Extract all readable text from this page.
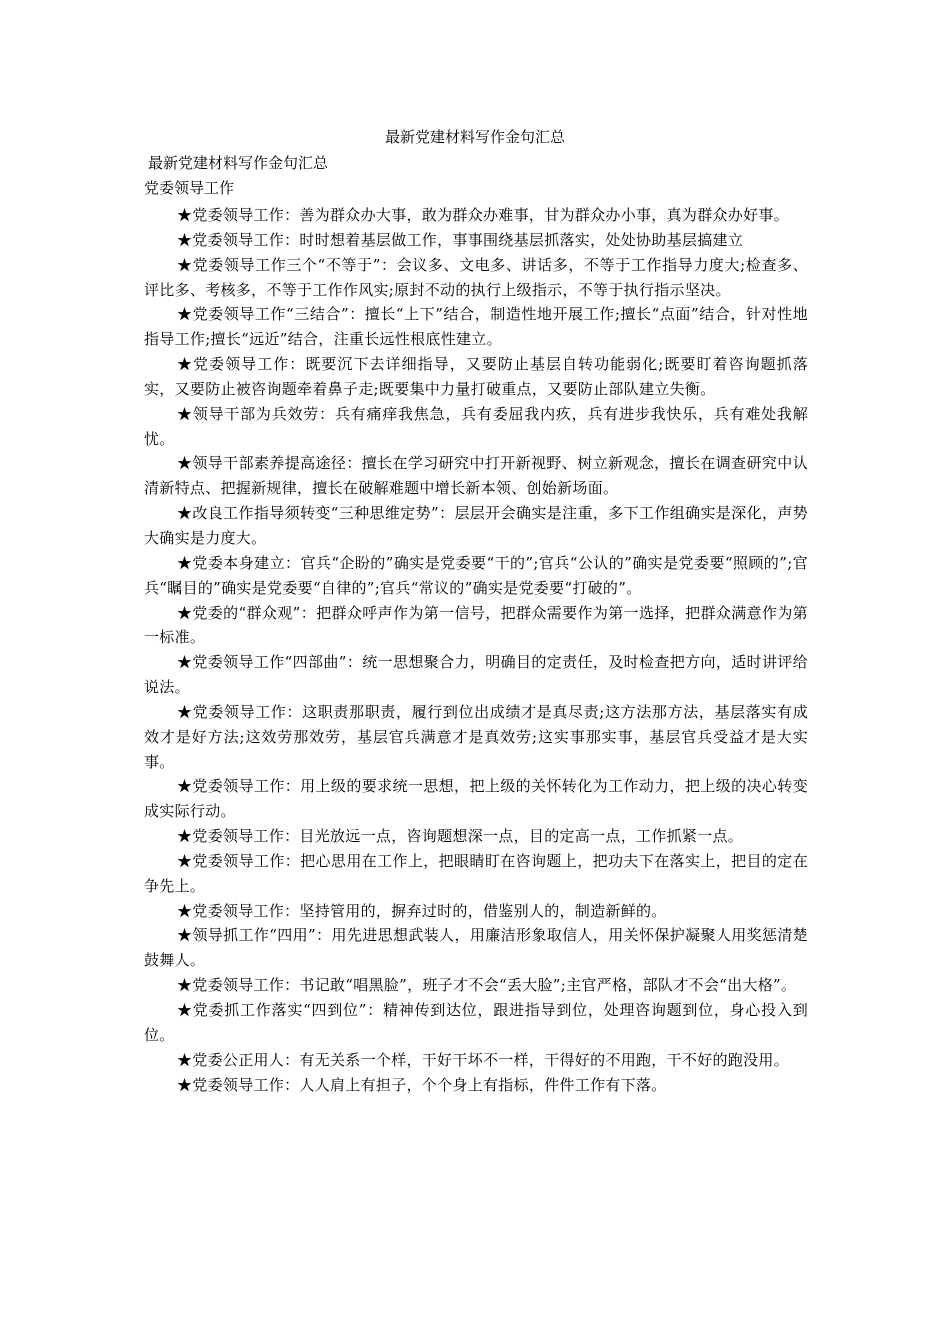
最新党建材料写作金句汇总
最新党建材料写作金句汇总
党委领导工作

★党委领导工作：善为群众办大事，敢为群众办难事，甘为群众办小事，真为群众办好事。

★党委领导工作：时时想着基层做工作，事事围绕基层抓落实，处处协助基层搞建立

★党委领导工作三个“不等于”：会议多、文电多、讲话多，不等于工作指导力度大;检查多、评比多、考核多，不等于工作作风实;原封不动的执行上级指示，不等于执行指示坚决。

★党委领导工作“三结合”：擅长“上下”结合，制造性地开展工作;擅长“点面”结合，针对性地指导工作;擅长“远近”结合，注重长远性根底性建立。

★党委领导工作：既要沉下去详细指导，又要防止基层自转功能弱化;既要盯着咨询题抓落实，又要防止被咨询题牵着鼻子走;既要集中力量打破重点，又要防止部队建立失衡。

★领导干部为兵效劳：兵有痛痒我焦急，兵有委屈我内疚，兵有进步我快乐，兵有难处我解忧。

★领导干部素养提高途径：擅长在学习研究中打开新视野、树立新观念，擅长在调查研究中认清新特点、把握新规律，擅长在破解难题中增长新本领、创始新场面。

★改良工作指导须转变“三种思维定势”：层层开会确实是注重，多下工作组确实是深化，声势大确实是力度大。

★党委本身建立：官兵“企盼的”确实是党委要“干的”;官兵“公认的”确实是党委要“照顾的”;官兵“瞩目的”确实是党委要“自律的”;官兵“常议的”确实是党委要“打破的”。

★党委的“群众观”：把群众呼声作为第一信号，把群众需要作为第一选择，把群众满意作为第一标准。

★党委领导工作“四部曲”：统一思想聚合力，明确目的定责任，及时检查把方向，适时讲评给说法。

★党委领导工作：这职责那职责，履行到位出成绩才是真尽责;这方法那方法，基层落实有成效才是好方法;这效劳那效劳，基层官兵满意才是真效劳;这实事那实事，基层官兵受益才是大实事。

★党委领导工作：用上级的要求统一思想，把上级的关怀转化为工作动力，把上级的决心转变成实际行动。

★党委领导工作：目光放远一点，咨询题想深一点，目的定高一点，工作抓紧一点。

★党委领导工作：把心思用在工作上，把眼睛盯在咨询题上，把功夫下在落实上，把目的定在争先上。

★党委领导工作：坚持管用的，摒弃过时的，借鉴别人的，制造新鲜的。

★领导抓工作“四用”：用先进思想武装人，用廉洁形象取信人，用关怀保护凝聚人用奖惩清楚鼓舞人。

★党委领导工作：书记敢“唱黑脸”，班子才不会“丢大脸”;主官严格，部队才不会“出大格”。

★党委抓工作落实“四到位”：精神传到达位，跟进指导到位，处理咨询题到位，身心投入到位。

★党委公正用人：有无关系一个样，干好干坏不一样，干得好的不用跑，干不好的跑没用。

★党委领导工作：人人肩上有担子，个个身上有指标，件件工作有下落。
